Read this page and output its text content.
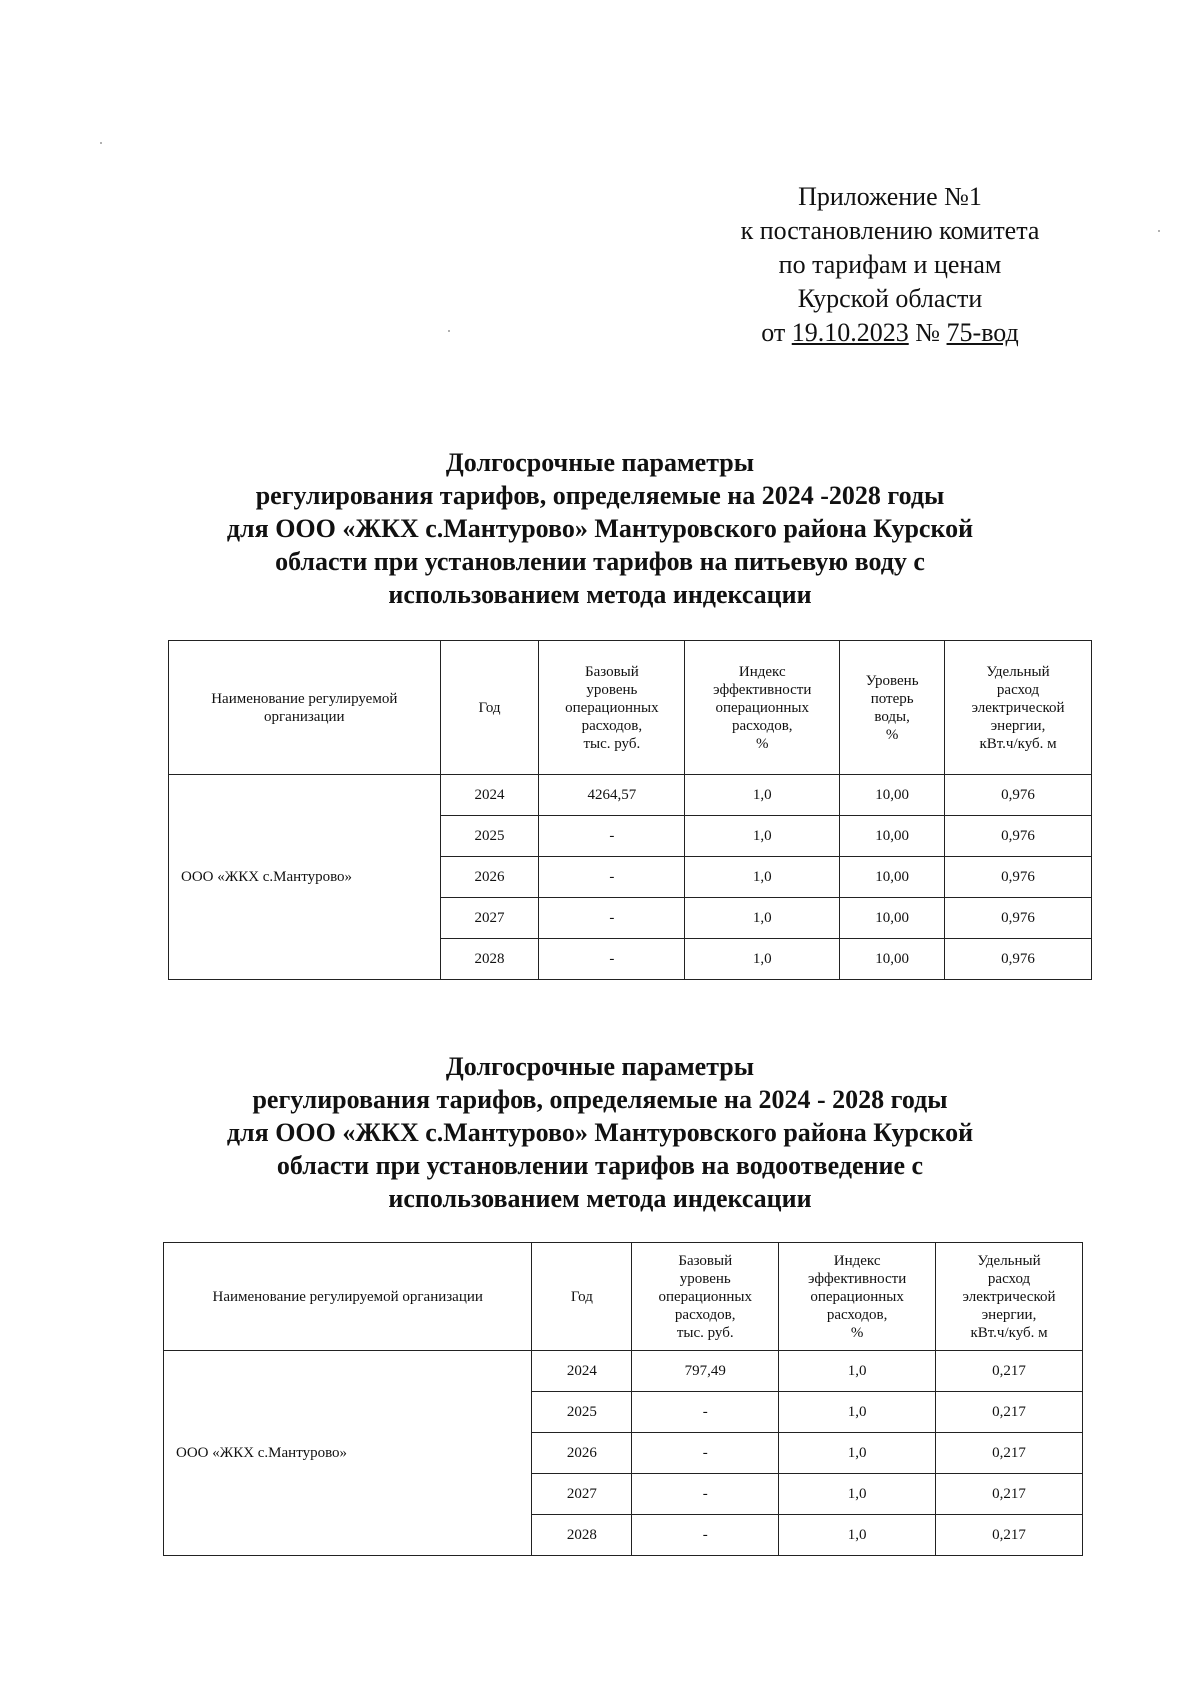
Приложение №1
к постановлению комитета
по тарифам и ценам
Курской области
от 19.10.2023 № 75-вод
Долгосрочные параметры
регулирования тарифов, определяемые на 2024 -2028 годы
для ООО «ЖКХ с.Мантурово» Мантуровского района Курской
области при установлении тарифов на питьевую воду с
использованием метода индексации
Наименование регулируемой организации	Год	Базовый
уровень
операционных
расходов,
тыс. руб.	Индекс
эффективности
операционных
расходов,
%	Уровень
потерь
воды,
%	Удельный
расход
электрической
энергии,
кВт.ч/куб. м

ООО «ЖКХ с.Мантурово»	2024	4264,57	1,0	10,00	0,976
	2025	-	1,0	10,00	0,976
	2026	-	1,0	10,00	0,976
	2027	-	1,0	10,00	0,976
	2028	-	1,0	10,00	0,976
Долгосрочные параметры
регулирования тарифов, определяемые на 2024 - 2028 годы
для ООО «ЖКХ с.Мантурово» Мантуровского района Курской
области при установлении тарифов на водоотведение с
использованием метода индексации
Наименование регулируемой организации	Год	Базовый
уровень
операционных
расходов,
тыс. руб.	Индекс
эффективности
операционных
расходов,
%	Удельный
расход
электрической
энергии,
кВт.ч/куб. м

ООО «ЖКХ с.Мантурово»	2024	797,49	1,0	0,217
	2025	-	1,0	0,217
	2026	-	1,0	0,217
	2027	-	1,0	0,217
	2028	-	1,0	0,217
